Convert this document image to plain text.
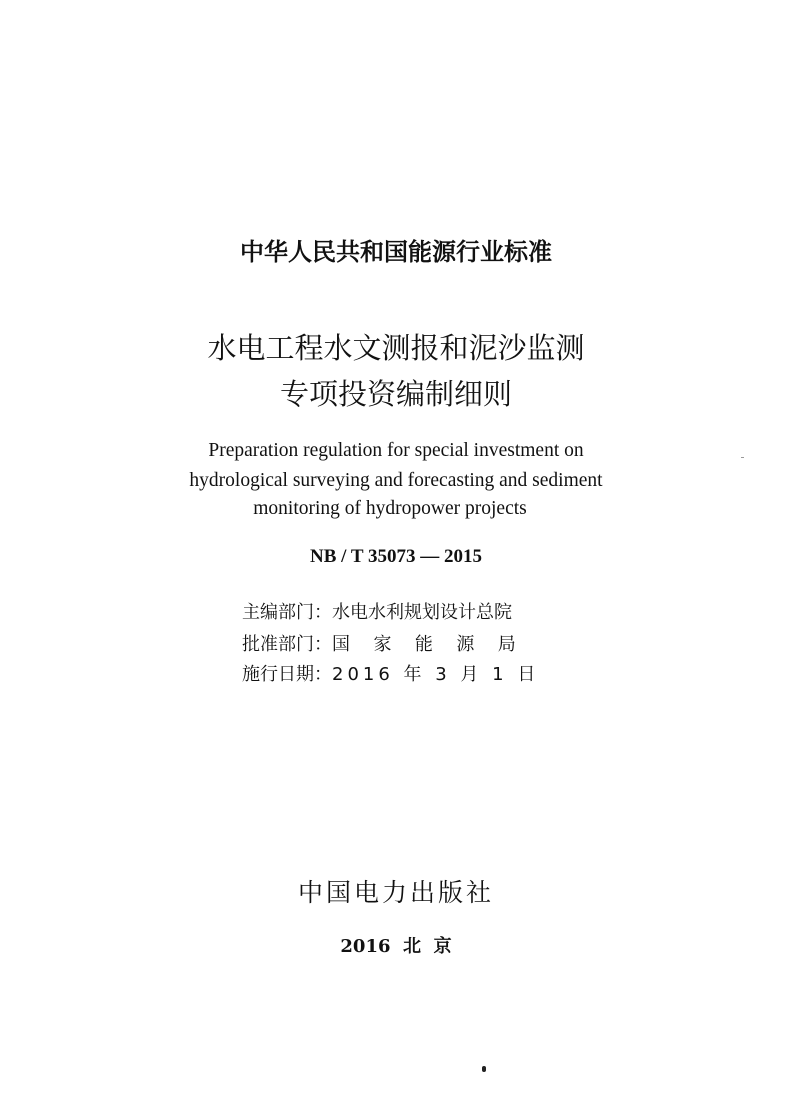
中华人民共和国能源行业标准
水电工程水文测报和泥沙监测
专项投资编制细则
Preparation regulation for special investment on
hydrological surveying and forecasting and sediment
monitoring of hydropower projects
NB / T 35073 — 2015
主编部门：水电水利规划设计总院
批准部门：国  家  能  源  局
施行日期：2016 年 3 月 1 日
中国电力出版社
2016  北  京
